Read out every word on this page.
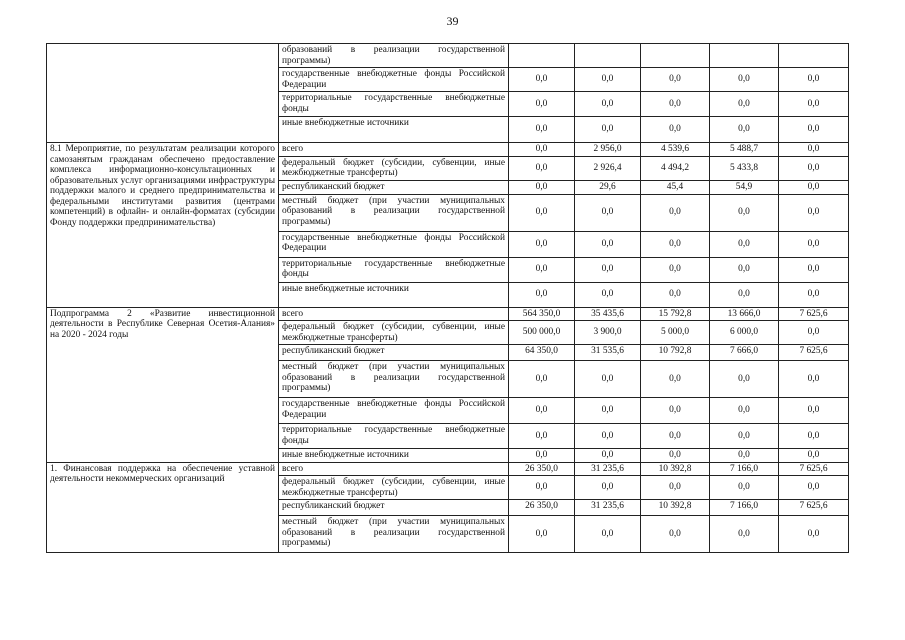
39
	образований в реализации государственной программы)					
	государственные внебюджетные фонды Российской Федерации	0,0	0,0	0,0	0,0	0,0
	территориальные государственные внебюджетные фонды	0,0	0,0	0,0	0,0	0,0
	иные внебюджетные источники	0,0	0,0	0,0	0,0	0,0
8.1 Мероприятие, по результатам реализации которого самозанятым гражданам обеспечено предоставление комплекса информационно-консультационных и образовательных услуг организациями инфраструктуры поддержки малого и среднего предпринимательства и федеральными институтами развития (центрами компетенций) в офлайн- и онлайн-форматах (субсидии Фонду поддержки предпринимательства)	всего	0,0	2 956,0	4 539,6	5 488,7	0,0
	федеральный бюджет (субсидии, субвенции, иные межбюджетные трансферты)	0,0	2 926,4	4 494,2	5 433,8	0,0
	республиканский бюджет	0,0	29,6	45,4	54,9	0,0
	местный бюджет (при участии муниципальных образований в реализации государственной программы)	0,0	0,0	0,0	0,0	0,0
	государственные внебюджетные фонды Российской Федерации	0,0	0,0	0,0	0,0	0,0
	территориальные государственные внебюджетные фонды	0,0	0,0	0,0	0,0	0,0
	иные внебюджетные источники	0,0	0,0	0,0	0,0	0,0
Подпрограмма 2 «Развитие инвестиционной деятельности в Республике Северная Осетия-Алания» на 2020 - 2024 годы	всего	564 350,0	35 435,6	15 792,8	13 666,0	7 625,6
	федеральный бюджет (субсидии, субвенции, иные межбюджетные трансферты)	500 000,0	3 900,0	5 000,0	6 000,0	0,0
	республиканский бюджет	64 350,0	31 535,6	10 792,8	7 666,0	7 625,6
	местный бюджет (при участии муниципальных образований в реализации государственной программы)	0,0	0,0	0,0	0,0	0,0
	государственные внебюджетные фонды Российской Федерации	0,0	0,0	0,0	0,0	0,0
	территориальные государственные внебюджетные фонды	0,0	0,0	0,0	0,0	0,0
	иные внебюджетные источники	0,0	0,0	0,0	0,0	0,0
1. Финансовая поддержка на обеспечение уставной деятельности некоммерческих организаций	всего	26 350,0	31 235,6	10 392,8	7 166,0	7 625,6
	федеральный бюджет (субсидии, субвенции, иные межбюджетные трансферты)	0,0	0,0	0,0	0,0	0,0
	республиканский бюджет	26 350,0	31 235,6	10 392,8	7 166,0	7 625,6
	местный бюджет (при участии муниципальных образований в реализации государственной программы)	0,0	0,0	0,0	0,0	0,0
